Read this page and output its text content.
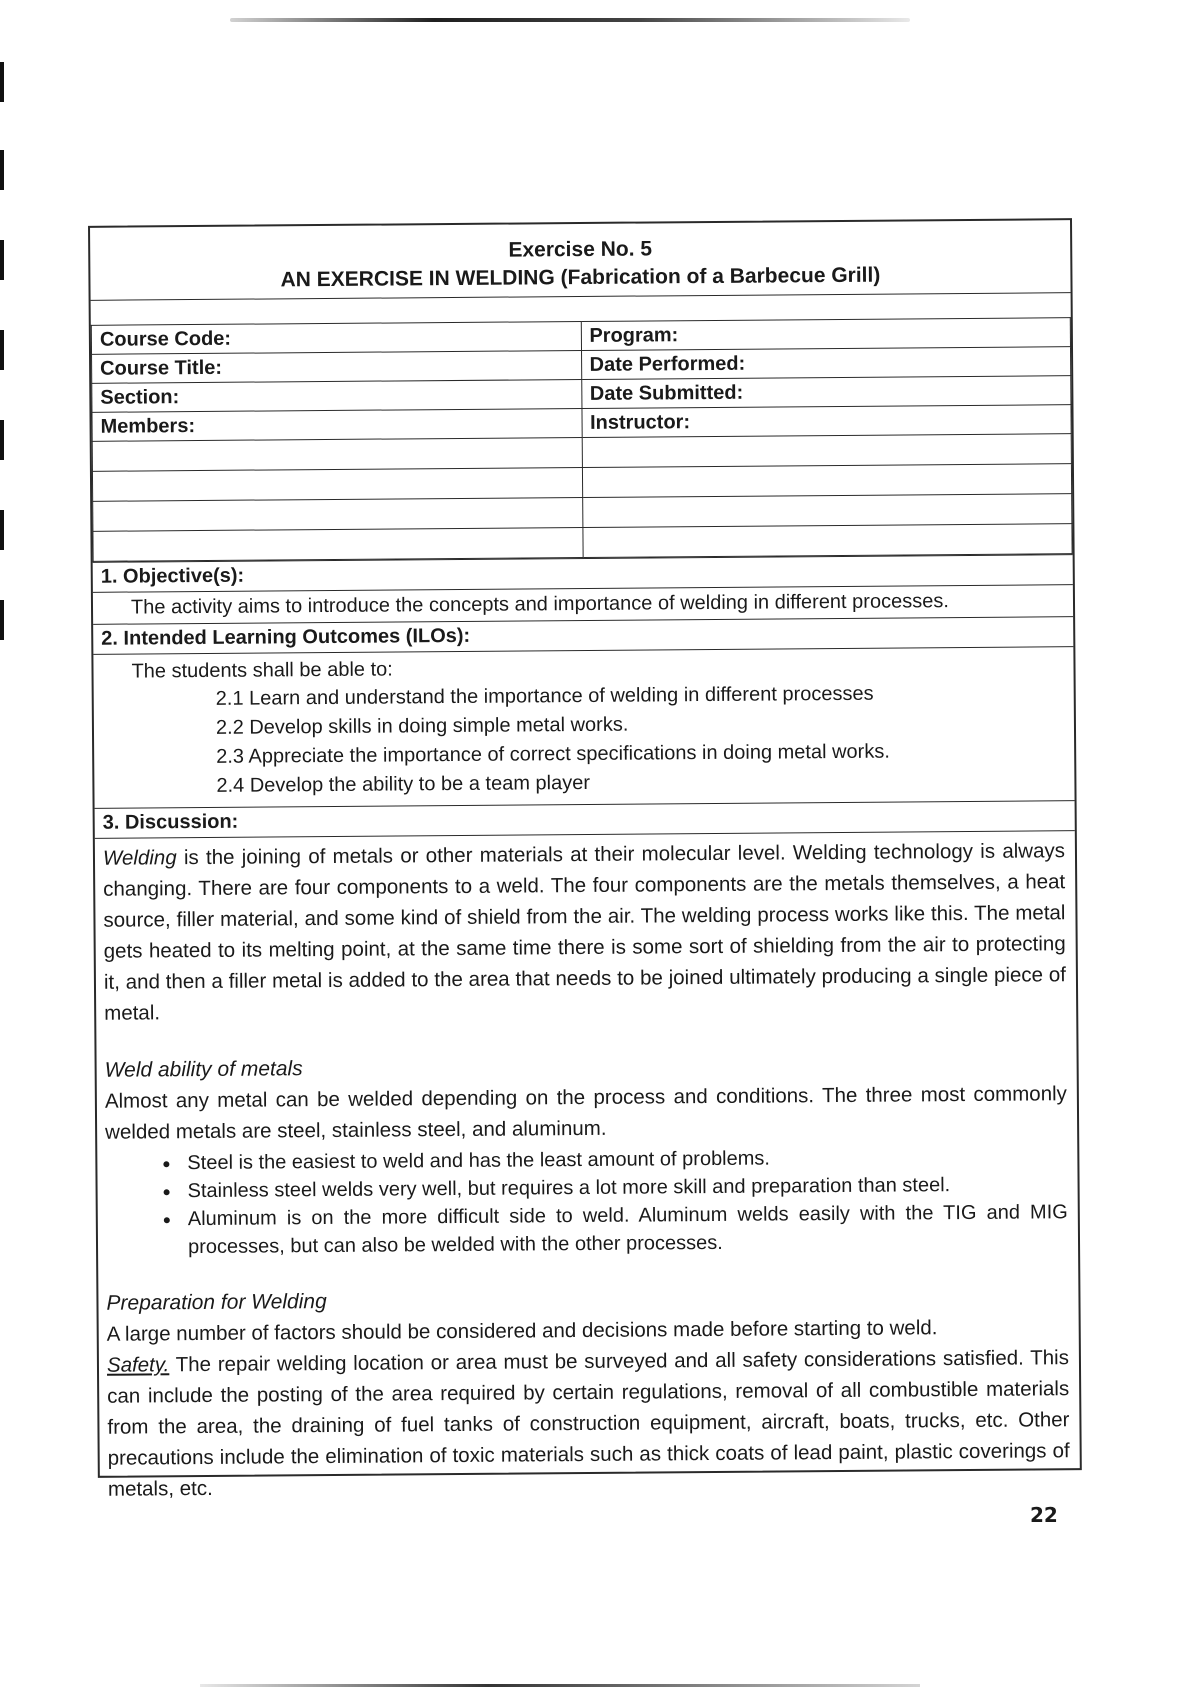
Exercise No. 5
AN EXERCISE IN WELDING (Fabrication of a Barbecue Grill)
Course Code:	Program:
Course Title:	Date Performed:
Section:	Date Submitted:
Members:	Instructor:

1. Objective(s):
The activity aims to introduce the concepts and importance of welding in different processes.
2. Intended Learning Outcomes (ILOs):
The students shall be able to:
2.1 Learn and understand the importance of welding in different processes
2.2 Develop skills in doing simple metal works.
2.3 Appreciate the importance of correct specifications in doing metal works.
2.4 Develop the ability to be a team player
3. Discussion:

Welding is the joining of metals or other materials at their molecular level. Welding technology is always changing. There are four components to a weld. The four components are the metals themselves, a heat source, filler material, and some kind of shield from the air. The welding process works like this. The metal gets heated to its melting point, at the same time there is some sort of shielding from the air to protecting it, and then a filler metal is added to the area that needs to be joined ultimately producing a single piece of metal.

Weld ability of metals

Almost any metal can be welded depending on the process and conditions. The three most commonly welded metals are steel, stainless steel, and aluminum.

• Steel is the easiest to weld and has the least amount of problems.
• Stainless steel welds very well, but requires a lot more skill and preparation than steel.
• Aluminum is on the more difficult side to weld. Aluminum welds easily with the TIG and MIG processes, but can also be welded with the other processes.
Preparation for Welding

A large number of factors should be considered and decisions made before starting to weld.

Safety. The repair welding location or area must be surveyed and all safety considerations satisfied. This can include the posting of the area required by certain regulations, removal of all combustible materials from the area, the draining of fuel tanks of construction equipment, aircraft, boats, trucks, etc. Other precautions include the elimination of toxic materials such as thick coats of lead paint, plastic coverings of metals, etc.

22
